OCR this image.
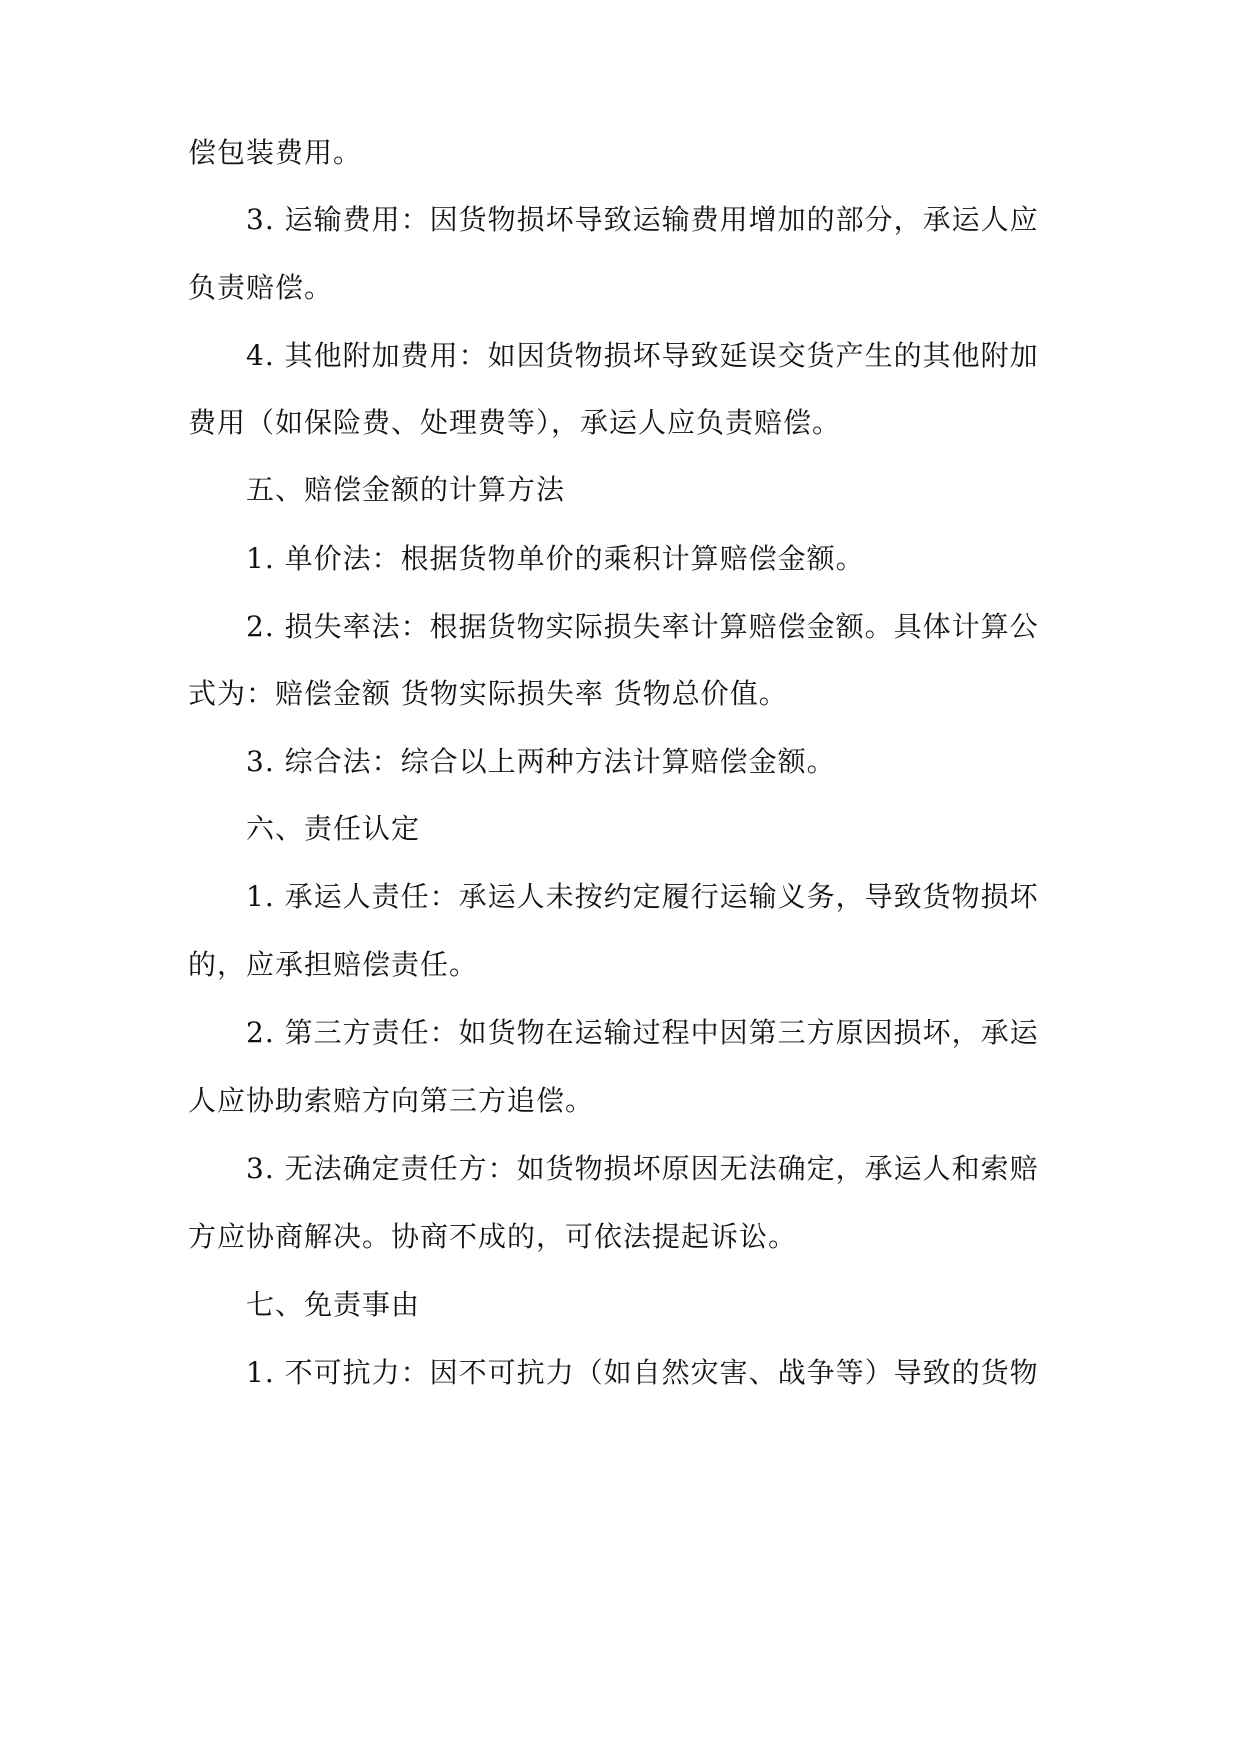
偿包装费用。
3. 运输费用：因货物损坏导致运输费用增加的部分，承运人应
负责赔偿。
4. 其他附加费用：如因货物损坏导致延误交货产生的其他附加
费用（如保险费、处理费等），承运人应负责赔偿。
五、赔偿金额的计算方法
1. 单价法：根据货物单价的乘积计算赔偿金额。
2. 损失率法：根据货物实际损失率计算赔偿金额。具体计算公
式为：赔偿金额 货物实际损失率 货物总价值。
3. 综合法：综合以上两种方法计算赔偿金额。
六、责任认定
1. 承运人责任：承运人未按约定履行运输义务，导致货物损坏
的，应承担赔偿责任。
2. 第三方责任：如货物在运输过程中因第三方原因损坏，承运
人应协助索赔方向第三方追偿。
3. 无法确定责任方：如货物损坏原因无法确定，承运人和索赔
方应协商解决。协商不成的，可依法提起诉讼。
七、免责事由
1. 不可抗力：因不可抗力（如自然灾害、战争等）导致的货物
